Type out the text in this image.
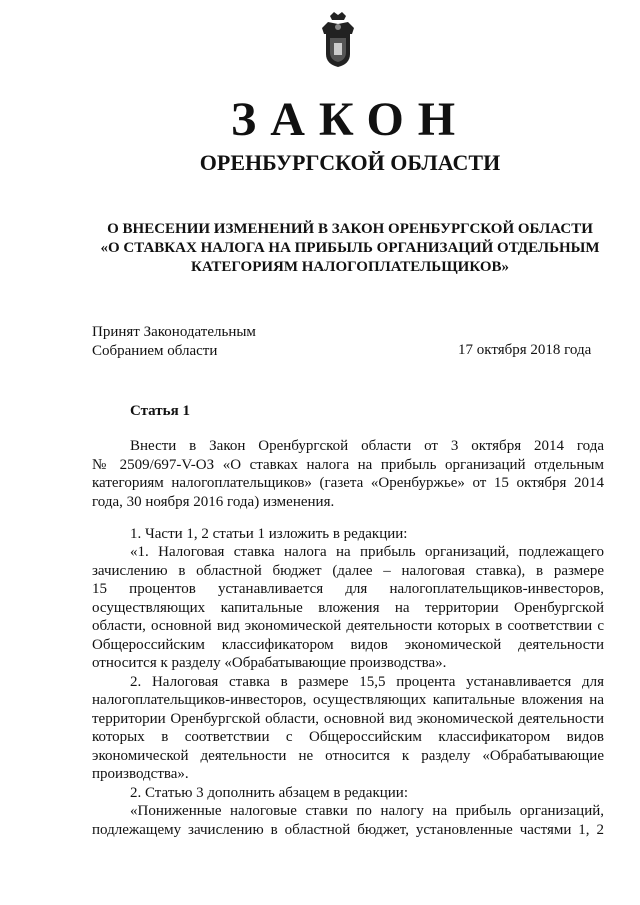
ЗАКОН
ОРЕНБУРГСКОЙ ОБЛАСТИ
О ВНЕСЕНИИ ИЗМЕНЕНИЙ В ЗАКОН ОРЕНБУРГСКОЙ ОБЛАСТИ
«О СТАВКАХ НАЛОГА НА ПРИБЫЛЬ ОРГАНИЗАЦИЙ ОТДЕЛЬНЫМ
КАТЕГОРИЯМ НАЛОГОПЛАТЕЛЬЩИКОВ»
Принят Законодательным
Собранием области	17 октября 2018 года
Статья 1
Внести в Закон Оренбургской области от 3 октября 2014 года
№ 2509/697-V-ОЗ «О ставках налога на прибыль организаций отдельным
категориям налогоплательщиков» (газета «Оренбуржье» от 15 октября 2014
года, 30 ноября 2016 года) изменения.
1. Части 1, 2 статьи 1 изложить в редакции:
«1. Налоговая ставка налога на прибыль организаций, подлежащего
зачислению в областной бюджет (далее – налоговая ставка), в размере
15 процентов устанавливается для налогоплательщиков-инвесторов,
осуществляющих капитальные вложения на территории Оренбургской
области, основной вид экономической деятельности которых в соответствии с
Общероссийским классификатором видов экономической деятельности
относится к разделу «Обрабатывающие производства».
2. Налоговая ставка в размере 15,5 процента устанавливается для
налогоплательщиков-инвесторов, осуществляющих капитальные вложения на
территории Оренбургской области, основной вид экономической деятельности
которых в соответствии с Общероссийским классификатором видов
экономической деятельности не относится к разделу «Обрабатывающие
производства».
2. Статью 3 дополнить абзацем в редакции:
«Пониженные налоговые ставки по налогу на прибыль организаций,
подлежащему зачислению в областной бюджет, установленные частями 1, 2
